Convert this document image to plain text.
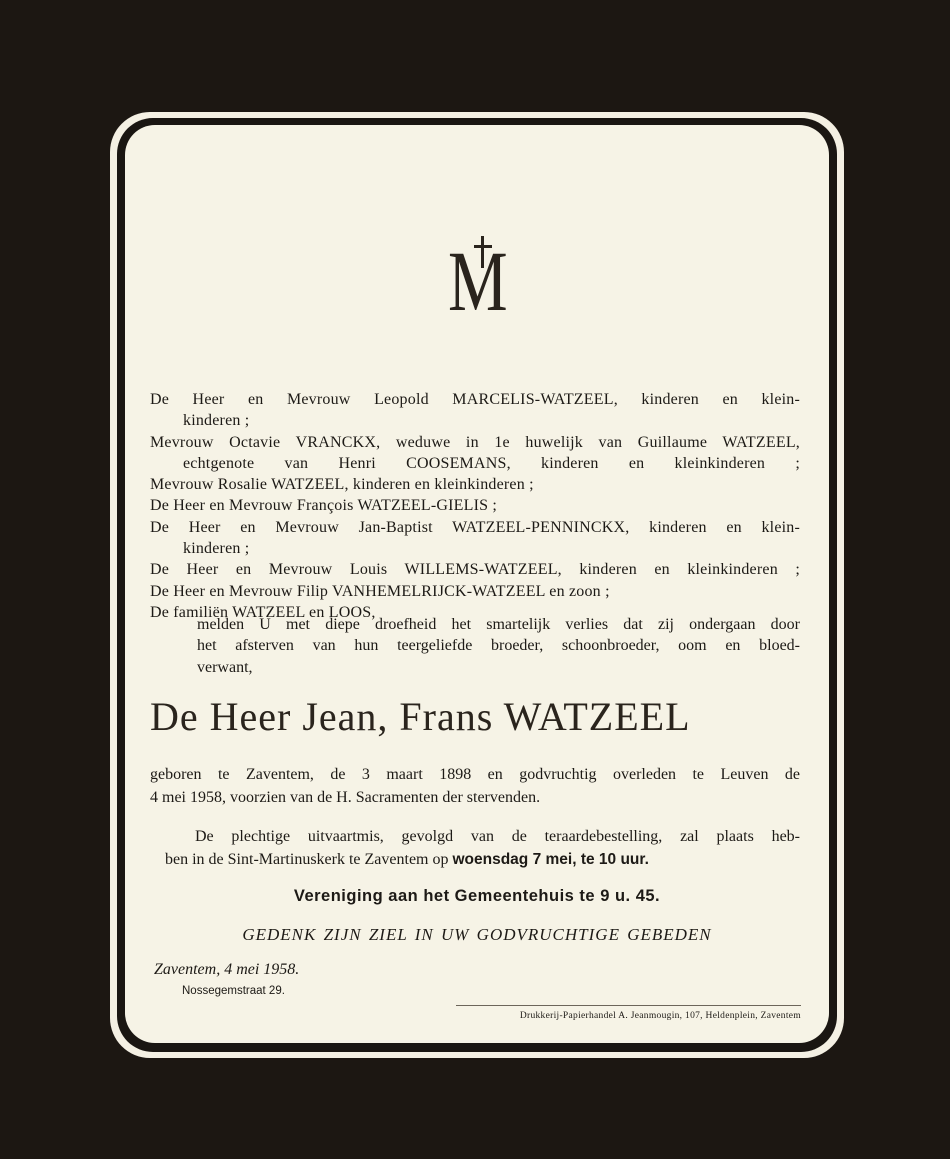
M
De Heer en Mevrouw Leopold MARCELIS-WATZEEL, kinderen en klein-
kinderen ;
Mevrouw Octavie VRANCKX, weduwe in 1e huwelijk van Guillaume WATZEEL,
echtgenote van Henri COOSEMANS, kinderen en kleinkinderen ;
Mevrouw Rosalie WATZEEL, kinderen en kleinkinderen ;
De Heer en Mevrouw François WATZEEL-GIELIS ;
De Heer en Mevrouw Jan-Baptist WATZEEL-PENNINCKX, kinderen en klein-
kinderen ;
De Heer en Mevrouw Louis WILLEMS-WATZEEL, kinderen en kleinkinderen ;
De Heer en Mevrouw Filip VANHEMELRIJCK-WATZEEL en zoon ;
De familiën WATZEEL en LOOS,
melden U met diepe droefheid het smartelijk verlies dat zij ondergaan door
het afsterven van hun teergeliefde broeder, schoonbroeder, oom en bloed-
verwant,
De Heer Jean, Frans WATZEEL
geboren te Zaventem, de 3 maart 1898 en godvruchtig overleden te Leuven de
4 mei 1958, voorzien van de H. Sacramenten der stervenden.
De plechtige uitvaartmis, gevolgd van de teraardebestelling, zal plaats heb-
ben in de Sint-Martinuskerk te Zaventem op woensdag 7 mei, te 10 uur.
Vereniging aan het Gemeentehuis te 9 u. 45.
GEDENK ZIJN ZIEL IN UW GODVRUCHTIGE GEBEDEN
Zaventem, 4 mei 1958.
Nossegemstraat 29.
Drukkerij-Papierhandel A. Jeanmougin, 107, Heldenplein, Zaventem
